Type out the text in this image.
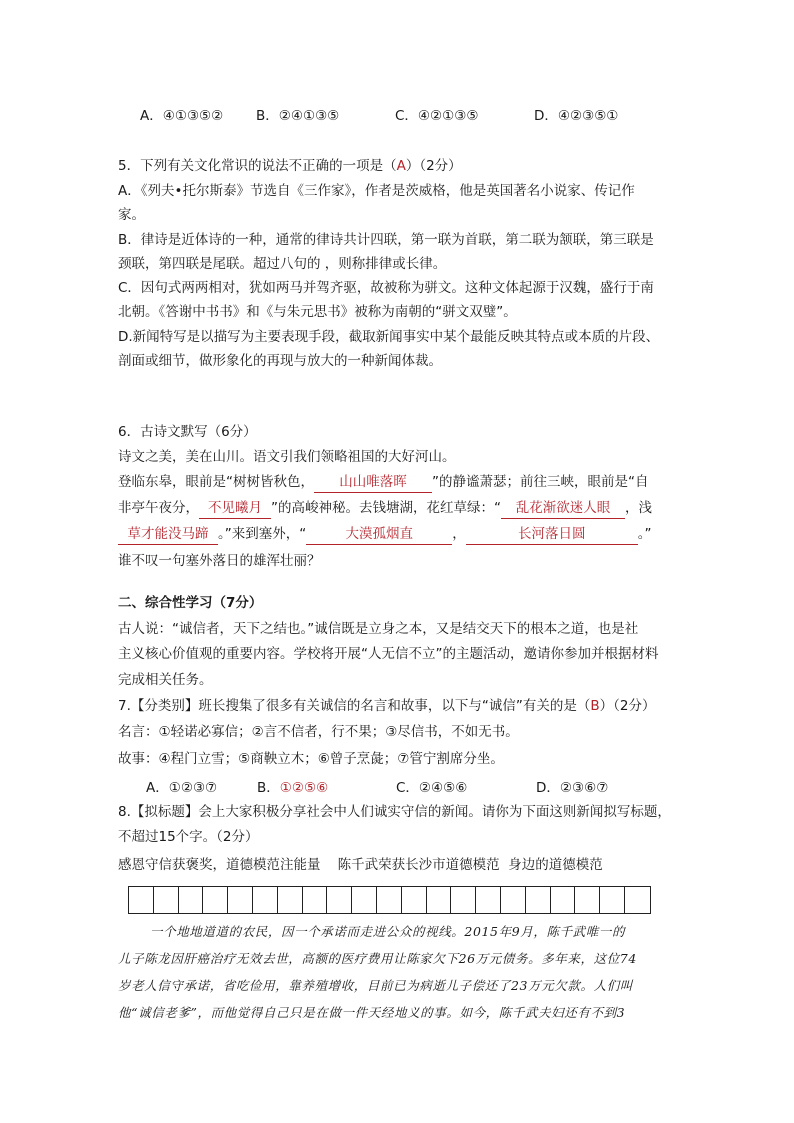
A．④①③⑤② B．②④①③⑤	C．④②①③⑤	D．④②③⑤①
5．下列有关文化常识的说法不正确的一项是（A）（2分）
A．《列夫•托尔斯泰》节选自《三作家》，作者是茨威格，他是英国著名小说家、传记作
家。
B．律诗是近体诗的一种，通常的律诗共计四联，第一联为首联，第二联为颔联，第三联是
颈联，第四联是尾联。超过八句的 ，则称排律或长律。
C．因句式两两相对，犹如两马并驾齐驱，故被称为骈文。这种文体起源于汉魏，盛行于南
北朝。《答谢中书书》和《与朱元思书》被称为南朝的“骈文双璧”。
D.新闻特写是以描写为主要表现手段，截取新闻事实中某个最能反映其特点或本质的片段、
剖面或细节，做形象化的再现与放大的一种新闻体裁。
6．古诗文默写（6分）
诗文之美，美在山川。语文引我们领略祖国的大好河山。
登临东皋，眼前是“树树皆秋色， 山山唯落晖 ”的静谧萧瑟；前往三峡，眼前是“自
非亭午夜分， 不见曦月 ”的高峻神秘。去钱塘湖，花红草绿：“ 乱花渐欲迷人眼 ，浅
草才能没马蹄 。”来到塞外，“	大漠孤烟直	，	长河落日圆	。”
谁不叹一句塞外落日的雄浑壮丽？
二、综合性学习（7分）
古人说：“诚信者，天下之结也。”诚信既是立身之本，又是结交天下的根本之道，也是社
主义核心价值观的重要内容。学校将开展“人无信不立”的主题活动，邀请你参加并根据材料
完成相关任务。
7.【分类别】班长搜集了很多有关诚信的名言和故事，以下与“诚信”有关的是（B）（2分）
名言：①轻诺必寡信；②言不信者，行不果；③尽信书，不如无书。
故事：④程门立雪；⑤商鞅立木；⑥曾子烹彘；⑦管宁割席分坐。
A．①②③⑦	B．①②⑤⑥	C．②④⑤⑥	D．②③⑥⑦
8.【拟标题】会上大家积极分享社会中人们诚实守信的新闻。请你为下面这则新闻拟写标题，
不超过15个字。（2分）
感恩守信获褒奖，道德模范注能量    陈千武荣获长沙市道德模范  身边的道德模范
一个地地道道的农民，因一个承诺而走进公众的视线。2015年9月，陈千武唯一的
儿子陈龙因肝癌治疗无效去世，高额的医疗费用让陈家欠下26万元债务。多年来，这位74
岁老人信守承诺，省吃俭用，靠养殖增收，目前已为病逝儿子偿还了23万元欠款。人们叫
他“诚信老爹”，而他觉得自己只是在做一件天经地义的事。如今，陈千武夫妇还有不到3
